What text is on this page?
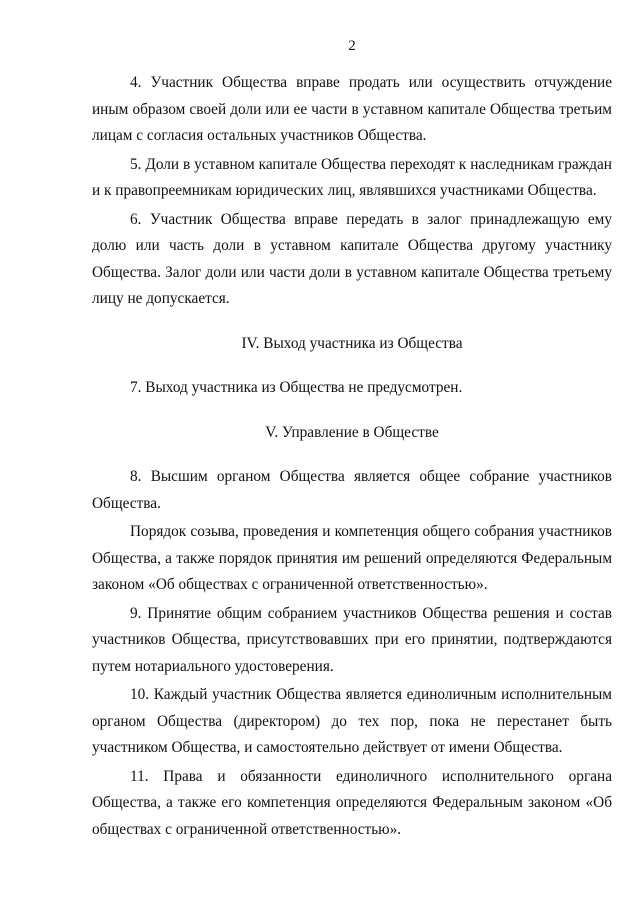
2

4. Участник Общества вправе продать или осуществить отчуждение иным образом своей доли или ее части в уставном капитале Общества третьим лицам с согласия остальных участников Общества.

5. Доли в уставном капитале Общества переходят к наследникам граждан и к правопреемникам юридических лиц, являвшихся участниками Общества.

6. Участник Общества вправе передать в залог принадлежащую ему долю или часть доли в уставном капитале Общества другому участнику Общества. Залог доли или части доли в уставном капитале Общества третьему лицу не допускается.

IV. Выход участника из Общества

7. Выход участника из Общества не предусмотрен.

V. Управление в Обществе

8. Высшим органом Общества является общее собрание участников Общества.

Порядок созыва, проведения и компетенция общего собрания участников Общества, а также порядок принятия им решений определяются Федеральным законом «Об обществах с ограниченной ответственностью».

9. Принятие общим собранием участников Общества решения и состав участников Общества, присутствовавших при его принятии, подтверждаются путем нотариального удостоверения.

10. Каждый участник Общества является единоличным исполнительным органом Общества (директором) до тех пор, пока не перестанет быть участником Общества, и самостоятельно действует от имени Общества.

11. Права и обязанности единоличного исполнительного органа Общества, а также его компетенция определяются Федеральным законом «Об обществах с ограниченной ответственностью».
